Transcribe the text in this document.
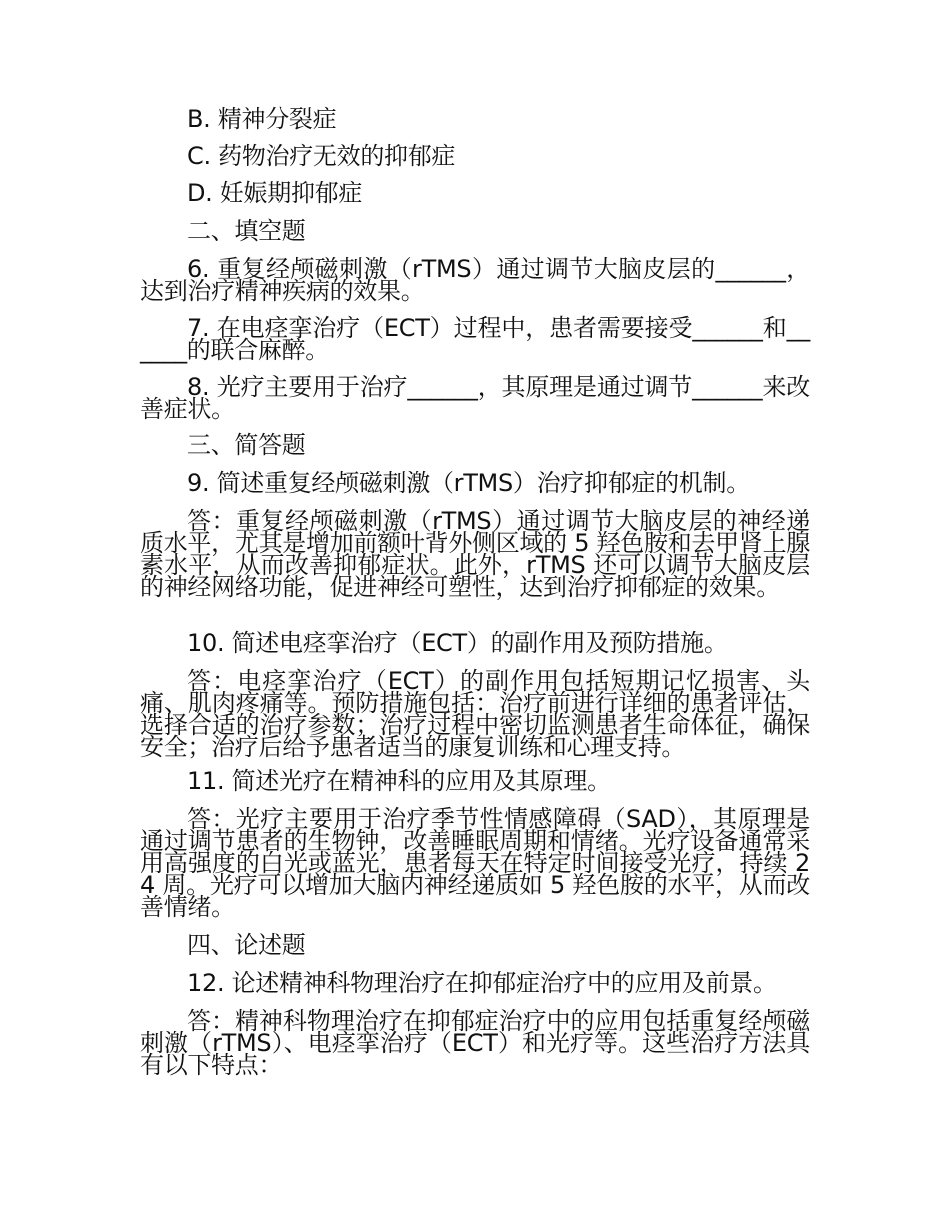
B. 精神分裂症

C. 药物治疗无效的抑郁症

D. 妊娠期抑郁症

二、填空题

6. 重复经颅磁刺激（rTMS）通过调节大脑皮层的______，达到治疗精神疾病的效果。

7. 在电痉挛治疗（ECT）过程中，患者需要接受______和______的联合麻醉。

8. 光疗主要用于治疗______，其原理是通过调节______来改善症状。

三、简答题

9. 简述重复经颅磁刺激（rTMS）治疗抑郁症的机制。

答：重复经颅磁刺激（rTMS）通过调节大脑皮层的神经递质水平，尤其是增加前额叶背外侧区域的 5 羟色胺和去甲肾上腺素水平，从而改善抑郁症状。此外，rTMS 还可以调节大脑皮层的神经网络功能，促进神经可塑性，达到治疗抑郁症的效果。

10. 简述电痉挛治疗（ECT）的副作用及预防措施。

答：电痉挛治疗（ECT）的副作用包括短期记忆损害、头痛、肌肉疼痛等。预防措施包括：治疗前进行详细的患者评估，选择合适的治疗参数；治疗过程中密切监测患者生命体征，确保安全；治疗后给予患者适当的康复训练和心理支持。

11. 简述光疗在精神科的应用及其原理。

答：光疗主要用于治疗季节性情感障碍（SAD），其原理是通过调节患者的生物钟，改善睡眠周期和情绪。光疗设备通常采用高强度的白光或蓝光，患者每天在特定时间接受光疗，持续 24 周。光疗可以增加大脑内神经递质如 5 羟色胺的水平，从而改善情绪。

四、论述题

12. 论述精神科物理治疗在抑郁症治疗中的应用及前景。

答：精神科物理治疗在抑郁症治疗中的应用包括重复经颅磁刺激（rTMS）、电痉挛治疗（ECT）和光疗等。这些治疗方法具有以下特点：
